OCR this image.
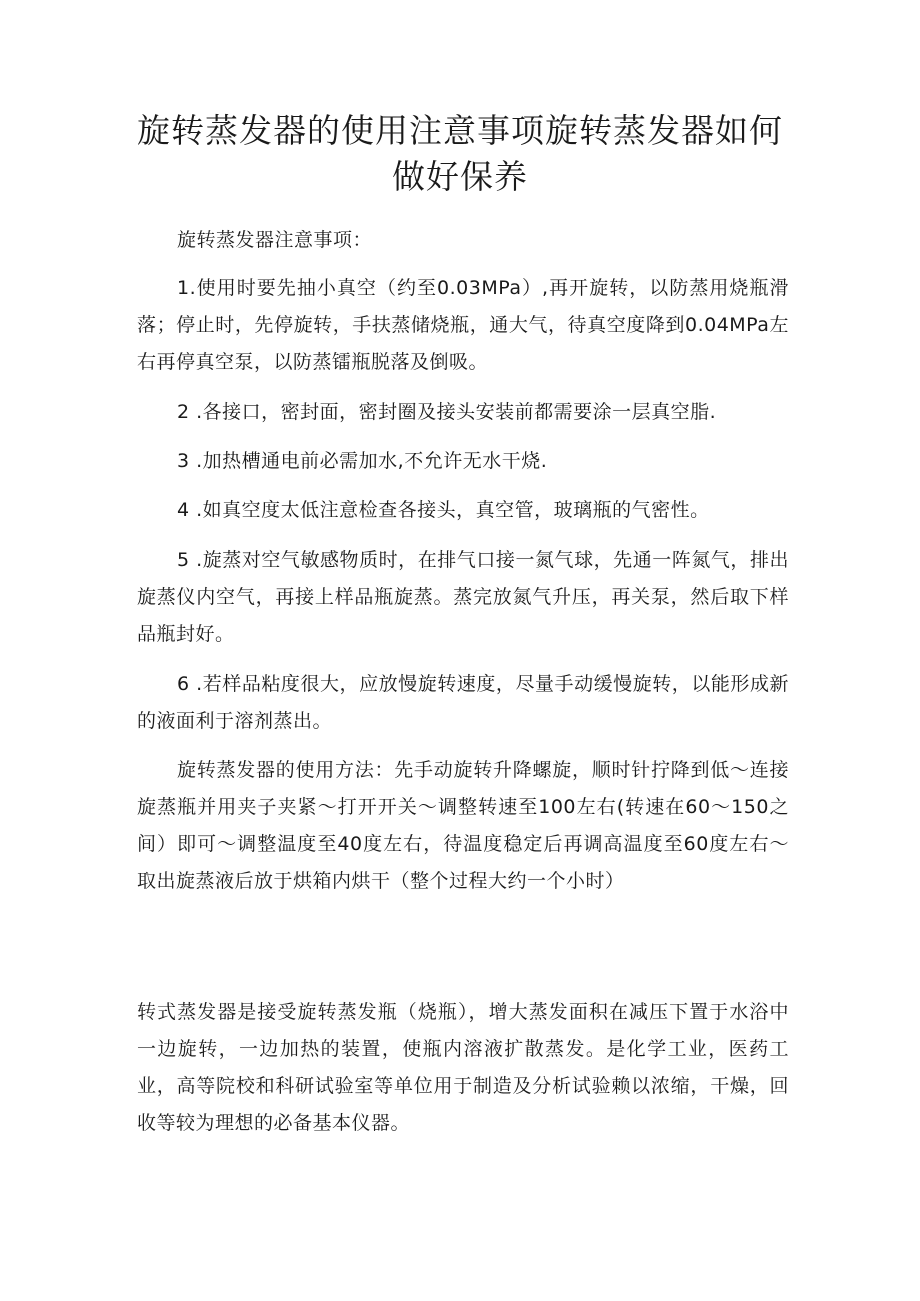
旋转蒸发器的使用注意事项旋转蒸发器如何做好保养

旋转蒸发器注意事项：

1.使用时要先抽小真空（约至0.03MPa）,再开旋转，以防蒸用烧瓶滑落；停止时，先停旋转，手扶蒸储烧瓶，通大气，待真空度降到0.04MPa左右再停真空泵，以防蒸镭瓶脱落及倒吸。

2 .各接口，密封面，密封圈及接头安装前都需要涂一层真空脂.

3 .加热槽通电前必需加水,不允许无水干烧.

4 .如真空度太低注意检查各接头，真空管，玻璃瓶的气密性。

5 .旋蒸对空气敏感物质时，在排气口接一氮气球，先通一阵氮气，排出旋蒸仪内空气，再接上样品瓶旋蒸。蒸完放氮气升压，再关泵，然后取下样品瓶封好。

6 .若样品粘度很大，应放慢旋转速度，尽量手动缓慢旋转，以能形成新的液面利于溶剂蒸出。

旋转蒸发器的使用方法：先手动旋转升降螺旋，顺时针拧降到低～连接旋蒸瓶并用夹子夹紧～打开开关～调整转速至100左右(转速在60～150之间）即可～调整温度至40度左右，待温度稳定后再调高温度至60度左右～取出旋蒸液后放于烘箱内烘干（整个过程大约一个小时）

转式蒸发器是接受旋转蒸发瓶（烧瓶），增大蒸发面积在减压下置于水浴中一边旋转，一边加热的装置，使瓶内溶液扩散蒸发。是化学工业，医药工业，高等院校和科研试验室等单位用于制造及分析试验赖以浓缩，干燥，回收等较为理想的必备基本仪器。
